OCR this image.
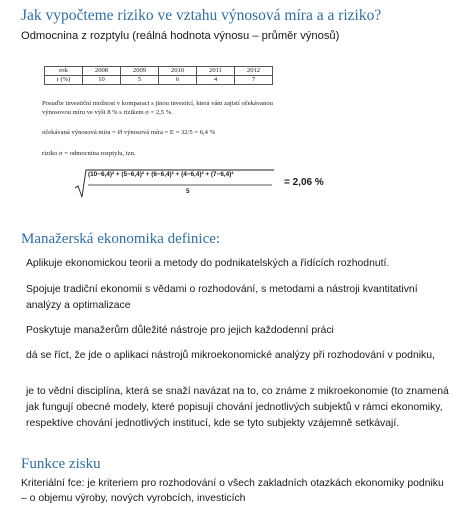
Jak vypočteme riziko ve vztahu výnosová míra a a riziko?
Odmocnina z rozptylu (reálná hodnota výnosu – průměr výnosů)
rok	2008	2009	2010	2011	2012
r (%)	10	5	6	4	7
Posuďte investiční možnost v komparaci s jinou investicí, která vám zajistí očekávanou
výnosovou míru ve výši 8 % s rizikem σ = 2,5 %.
očekávaná výnosová míra = Ø výnosová míra = E = 32/5 = 6,4 %
riziko σ = odmocnina rozptylu, tzn.
(10−6,4)² + (5−6,4)² + (6−6,4)² + (4−6,4)² + (7−6,4)²
5
= 2,06 %
Manažerská ekonomika definice:
Aplikuje ekonomickou teorii a metody do podnikatelských a řídících rozhodnutí.
Spojuje tradiční ekonomii s vědami o rozhodování, s metodami a nástroji kvantitativní analýzy a optimalizace
Poskytuje manažerům důležité nástroje pro jejich každodenní práci
dá se říct, že jde o aplikaci nástrojů mikroekonomické analýzy při rozhodování v podniku,
je to vědní disciplína, která se snaží navázat na to, co známe z mikroekonomie (to znamená jak fungují obecné modely, které popisují chování jednotlivých subjektů v rámci ekonomiky, respektive chování jednotlivých institucí, kde se tyto subjekty vzájemně setkávají.
Funkce zisku
Kriteriální fce: je kriteriem pro rozhodování o všech zakladních otazkách ekonomiky podniku – o objemu výroby, nových vyrobcích, investicích
